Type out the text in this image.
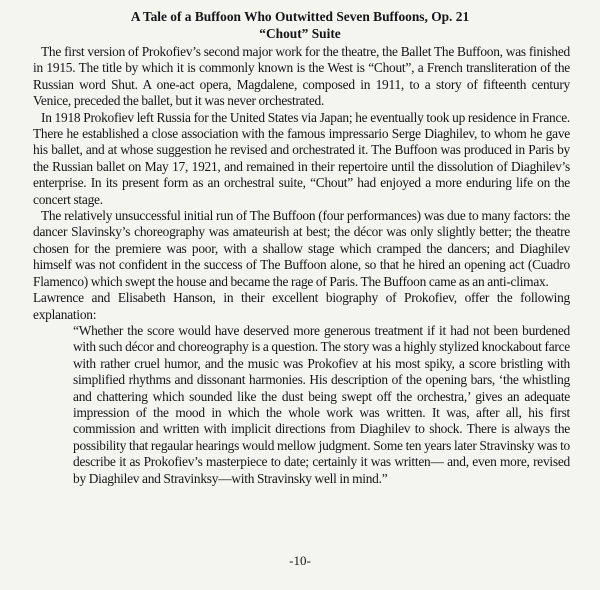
A Tale of a Buffoon Who Outwitted Seven Buffoons, Op. 21
“Chout” Suite

The first version of Prokofiev’s second major work for the theatre, the Ballet The Buffoon, was finished in 1915. The title by which it is commonly known is the West is “Chout”, a French transliteration of the Russian word Shut. A one-act opera, Magdalene, composed in 1911, to a story of fifteenth century Venice, preceded the ballet, but it was never orchestrated.

In 1918 Prokofiev left Russia for the United States via Japan; he eventually took up residence in France. There he established a close association with the famous impressario Serge Diaghilev, to whom he gave his ballet, and at whose suggestion he revised and orchestrated it. The Buffoon was produced in Paris by the Russian ballet on May 17, 1921, and remained in their repertoire until the dissolution of Diaghilev’s enterprise. In its present form as an orchestral suite, “Chout” had enjoyed a more enduring life on the concert stage.

The relatively unsuccessful initial run of The Buffoon (four performances) was due to many factors: the dancer Slavinsky’s choreography was amateurish at best; the décor was only slightly better; the theatre chosen for the premiere was poor, with a shallow stage which cramped the dancers; and Diaghilev himself was not confident in the success of The Buffoon alone, so that he hired an opening act (Cuadro Flamenco) which swept the house and became the rage of Paris. The Buffoon came as an anti-climax.

Lawrence and Elisabeth Hanson, in their excellent biography of Prokofiev, offer the following explanation:

“Whether the score would have deserved more generous treatment if it had not been burdened with such décor and choreography is a question. The story was a highly stylized knockabout farce with rather cruel humor, and the music was Prokofiev at his most spiky, a score bristling with simplified rhythms and dissonant harmonies. His description of the opening bars, ‘the whistling and chattering which sounded like the dust being swept off the orchestra,’ gives an adequate impression of the mood in which the whole work was written. It was, after all, his first commission and written with implicit directions from Diaghilev to shock. There is always the possibility that regaular hearings would mellow judgment. Some ten years later Stravinsky was to describe it as Prokofiev’s masterpiece to date; certainly it was written— and, even more, revised by Diaghilev and Stravinksy—with Stravinsky well in mind.”

-10-
